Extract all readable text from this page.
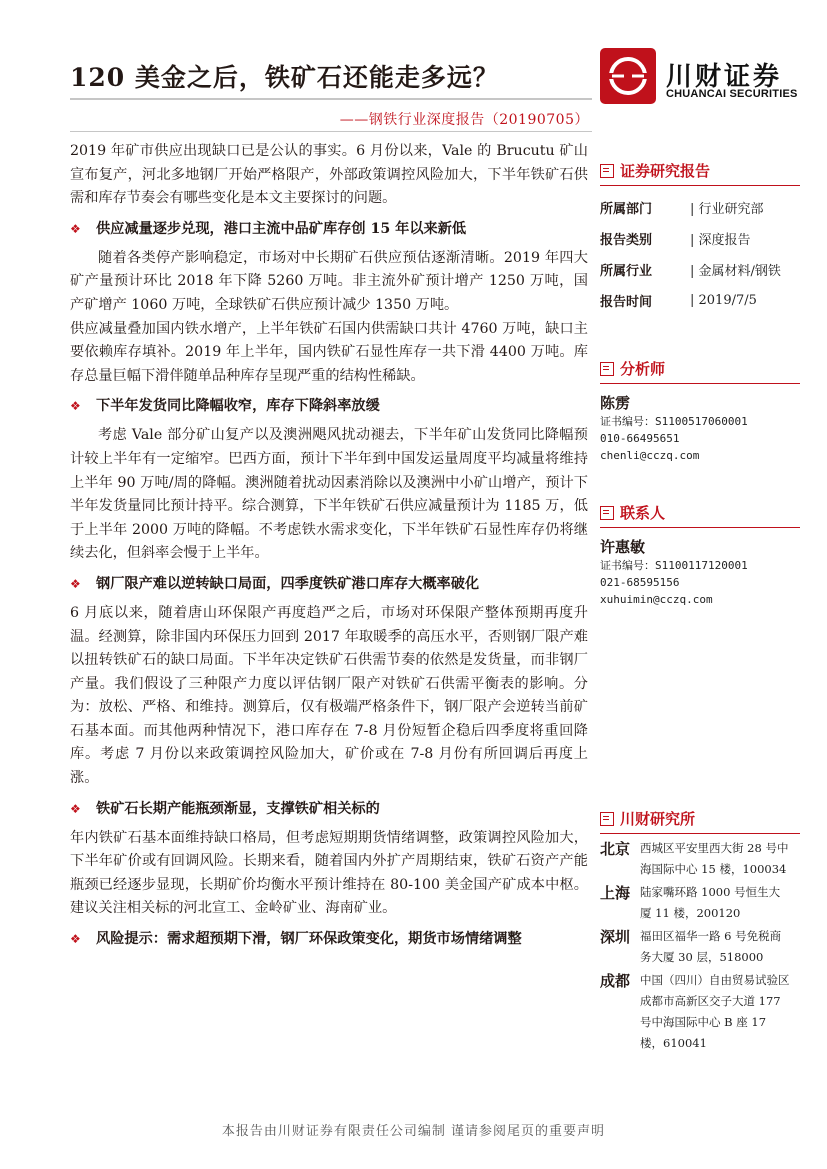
120 美金之后，铁矿石还能走多远？
——钢铁行业深度报告（20190705）
川财证券
CHUANCAI SECURITIES

2019 年矿市供应出现缺口已是公认的事实。6 月份以来，Vale 的 Brucutu 矿山宣布复产，河北多地钢厂开始严格限产，外部政策调控风险加大，下半年铁矿石供需和库存节奏会有哪些变化是本文主要探讨的问题。

❖	供应减量逐步兑现，港口主流中品矿库存创 15 年以来新低

随着各类停产影响稳定，市场对中长期矿石供应预估逐渐清晰。2019 年四大矿产量预计环比 2018 年下降 5260 万吨。非主流外矿预计增产 1250 万吨，国产矿增产 1060 万吨，全球铁矿石供应预计减少 1350 万吨。

供应减量叠加国内铁水增产，上半年铁矿石国内供需缺口共计 4760 万吨，缺口主要依赖库存填补。2019 年上半年，国内铁矿石显性库存一共下滑 4400 万吨。库存总量巨幅下滑伴随单品种库存呈现严重的结构性稀缺。

❖	下半年发货同比降幅收窄，库存下降斜率放缓

考虑 Vale 部分矿山复产以及澳洲飓风扰动褪去，下半年矿山发货同比降幅预计较上半年有一定缩窄。巴西方面，预计下半年到中国发运量周度平均减量将维持上半年 90 万吨/周的降幅。澳洲随着扰动因素消除以及澳洲中小矿山增产，预计下半年发货量同比预计持平。综合测算，下半年铁矿石供应减量预计为 1185 万，低于上半年 2000 万吨的降幅。不考虑铁水需求变化，下半年铁矿石显性库存仍将继续去化，但斜率会慢于上半年。

❖	钢厂限产难以逆转缺口局面，四季度铁矿港口库存大概率破化

6 月底以来，随着唐山环保限产再度趋严之后，市场对环保限产整体预期再度升温。经测算，除非国内环保压力回到 2017 年取暖季的高压水平，否则钢厂限产难以扭转铁矿石的缺口局面。下半年决定铁矿石供需节奏的依然是发货量，而非钢厂产量。我们假设了三种限产力度以评估钢厂限产对铁矿石供需平衡表的影响。分为：放松、严格、和维持。测算后，仅有极端严格条件下，钢厂限产会逆转当前矿石基本面。而其他两种情况下，港口库存在 7-8 月份短暂企稳后四季度将重回降库。考虑 7 月份以来政策调控风险加大，矿价或在 7-8 月份有所回调后再度上涨。

❖	铁矿石长期产能瓶颈渐显，支撑铁矿相关标的

年内铁矿石基本面维持缺口格局，但考虑短期期货情绪调整，政策调控风险加大，下半年矿价或有回调风险。长期来看，随着国内外扩产周期结束，铁矿石资产产能瓶颈已经逐步显现，长期矿价均衡水平预计维持在 80-100 美金国产矿成本中枢。建议关注相关标的河北宣工、金岭矿业、海南矿业。

❖	风险提示：需求超预期下滑，钢厂环保政策变化，期货市场情绪调整
证券研究报告
所属部门	| 行业研究部
报告类别	| 深度报告
所属行业	| 金属材料/钢铁
报告时间	| 2019/7/5
分析师
陈雳
证书编号：S1100517060001
010-66495651
chenli@cczq.com
联系人
许惠敏
证书编号：S1100117120001
021-68595156
xuhuimin@cczq.com
川财研究所
北京 西城区平安里西大街 28 号中海国际中心 15 楼，100034
上海 陆家嘴环路 1000 号恒生大厦 11 楼，200120
深圳 福田区福华一路 6 号免税商务大厦 30 层，518000
成都 中国（四川）自由贸易试验区成都市高新区交子大道 177 号中海国际中心 B 座 17 楼，610041
本报告由川财证券有限责任公司编制 谨请参阅尾页的重要声明
